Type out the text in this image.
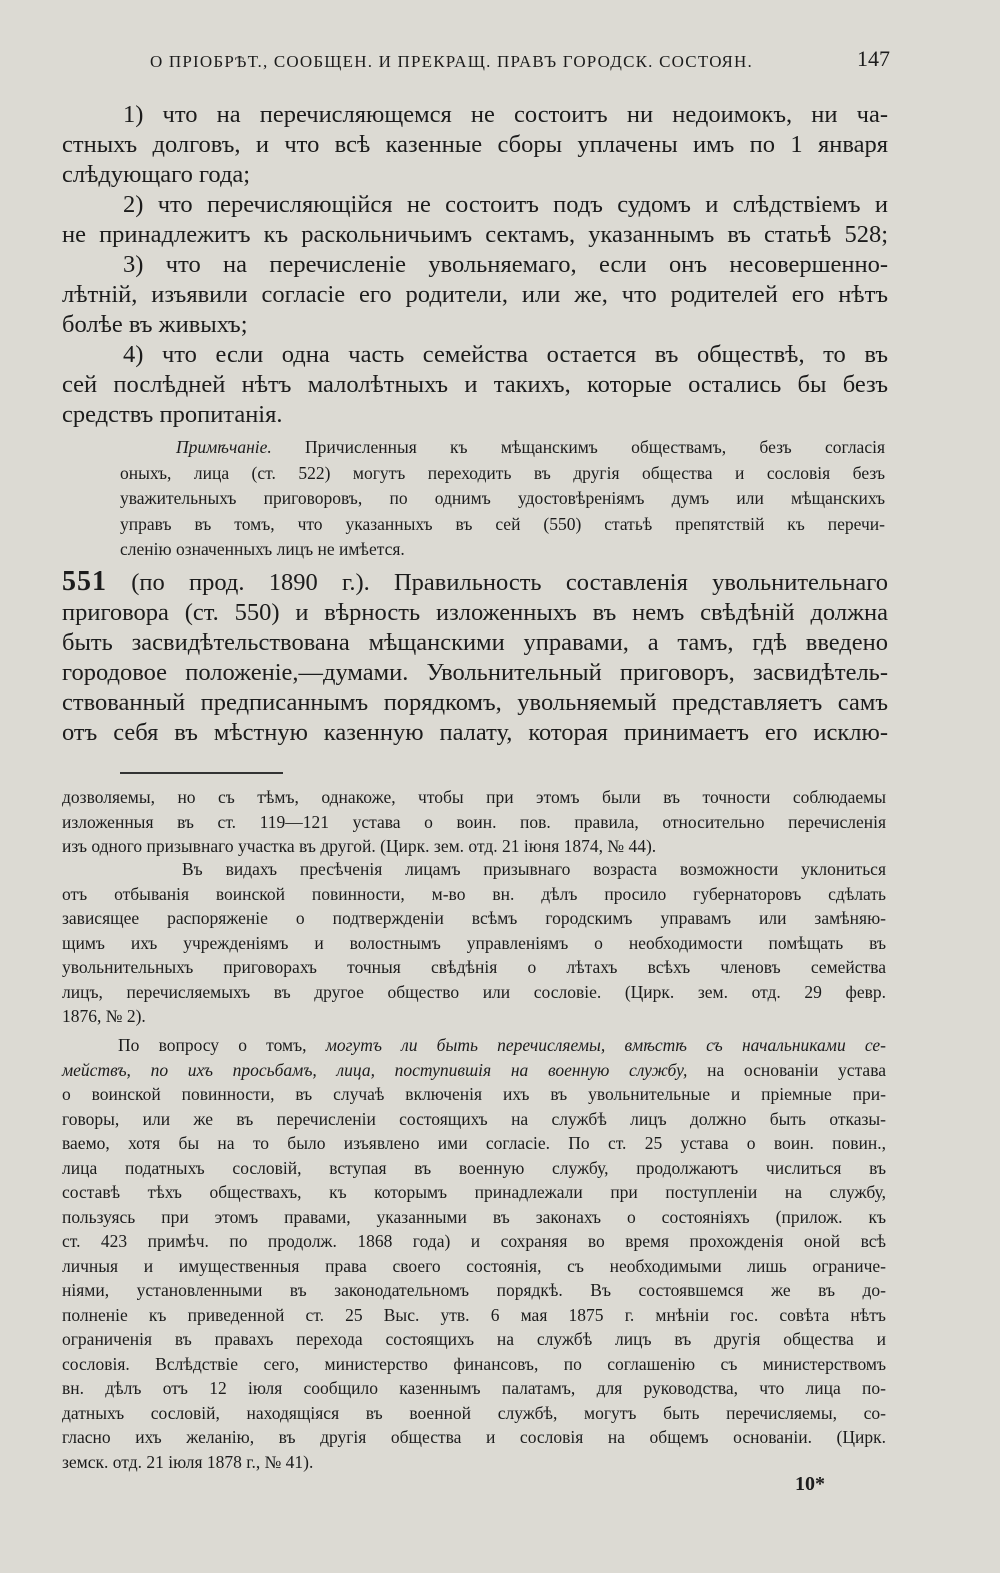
О ПРІОБРѢТ., СООБЩЕН. И ПРЕКРАЩ. ПРАВЪ ГОРОДСК. СОСТОЯН.	147
1) что на перечисляющемся не состоитъ ни недоимокъ, ни ча-
стныхъ долговъ, и что всѣ казенные сборы уплачены имъ по 1 января
слѣдующаго года;
2) что перечисляющійся не состоитъ подъ судомъ и слѣдствіемъ и
не принадлежитъ къ раскольничьимъ сектамъ, указаннымъ въ статьѣ 528;
3) что на перечисленіе увольняемаго, если онъ несовершенно-
лѣтній, изъявили согласіе его родители, или же, что родителей его нѣтъ
болѣе въ живыхъ;
4) что если одна часть семейства остается въ обществѣ, то въ
сей послѣдней нѣтъ малолѣтныхъ и такихъ, которые остались бы безъ
средствъ пропитанія.
Примѣчаніе. Причисленныя къ мѣщанскимъ обществамъ, безъ согласія
оныхъ, лица (ст. 522) могутъ переходить въ другія общества и сословія безъ
уважительныхъ приговоровъ, по однимъ удостовѣреніямъ думъ или мѣщанскихъ
управъ въ томъ, что указанныхъ въ сей (550) статьѣ препятствій къ перечи-
сленію означенныхъ лицъ не имѣется.
551 (по прод. 1890 г.). Правильность составленія увольнительнаго
приговора (ст. 550) и вѣрность изложенныхъ въ немъ свѣдѣній должна
быть засвидѣтельствована мѣщанскими управами, а тамъ, гдѣ введено
городовое положеніе,—думами. Увольнительный приговоръ, засвидѣтель-
ствованный предписаннымъ порядкомъ, увольняемый представляетъ самъ
отъ себя въ мѣстную казенную палату, которая принимаетъ его исклю-
дозволяемы, но съ тѣмъ, однакоже, чтобы при этомъ были въ точности соблюдаемы
изложенныя въ ст. 119—121 устава о воин. пов. правила, относительно перечисленія
изъ одного призывнаго участка въ другой. (Цирк. зем. отд. 21 іюня 1874, № 44).
Въ видахъ пресѣченія лицамъ призывнаго возраста возможности уклониться
отъ отбыванія воинской повинности, м-во вн. дѣлъ просило губернаторовъ сдѣлать
зависящее распоряженіе о подтвержденіи всѣмъ городскимъ управамъ или замѣняю-
щимъ ихъ учрежденіямъ и волостнымъ управленіямъ о необходимости помѣщать въ
увольнительныхъ приговорахъ точныя свѣдѣнія о лѣтахъ всѣхъ членовъ семейства
лицъ, перечисляемыхъ въ другое общество или сословіе. (Цирк. зем. отд. 29 февр.
1876, № 2).
По вопросу о томъ, могутъ ли быть перечисляемы, вмѣстѣ съ начальниками се-
мействъ, по ихъ просьбамъ, лица, поступившія на военную службу, на основаніи устава
о воинской повинности, въ случаѣ включенія ихъ въ увольнительные и пріемные при-
говоры, или же въ перечисленіи состоящихъ на службѣ лицъ должно быть отказы-
ваемо, хотя бы на то было изъявлено ими согласіе. По ст. 25 устава о воин. повин.,
лица податныхъ сословій, вступая въ военную службу, продолжаютъ числиться въ
составѣ тѣхъ обществахъ, къ которымъ принадлежали при поступленіи на службу,
пользуясь при этомъ правами, указанными въ законахъ о состояніяхъ (прилож. къ
ст. 423 примѣч. по продолж. 1868 года) и сохраняя во время прохожденія оной всѣ
личныя и имущественныя права своего состоянія, съ необходимыми лишь ограниче-
ніями, установленными въ законодательномъ порядкѣ. Въ состоявшемся же въ до-
полненіе къ приведенной ст. 25 Выс. утв. 6 мая 1875 г. мнѣніи гос. совѣта нѣтъ
ограниченія въ правахъ перехода состоящихъ на службѣ лицъ въ другія общества и
сословія. Вслѣдствіе сего, министерство финансовъ, по соглашенію съ министерствомъ
вн. дѣлъ отъ 12 іюля сообщило казеннымъ палатамъ, для руководства, что лица по-
датныхъ сословій, находящіяся въ военной службѣ, могутъ быть перечисляемы, со-
гласно ихъ желанію, въ другія общества и сословія на общемъ основаніи. (Цирк.
земск. отд. 21 іюля 1878 г., № 41).
10*
